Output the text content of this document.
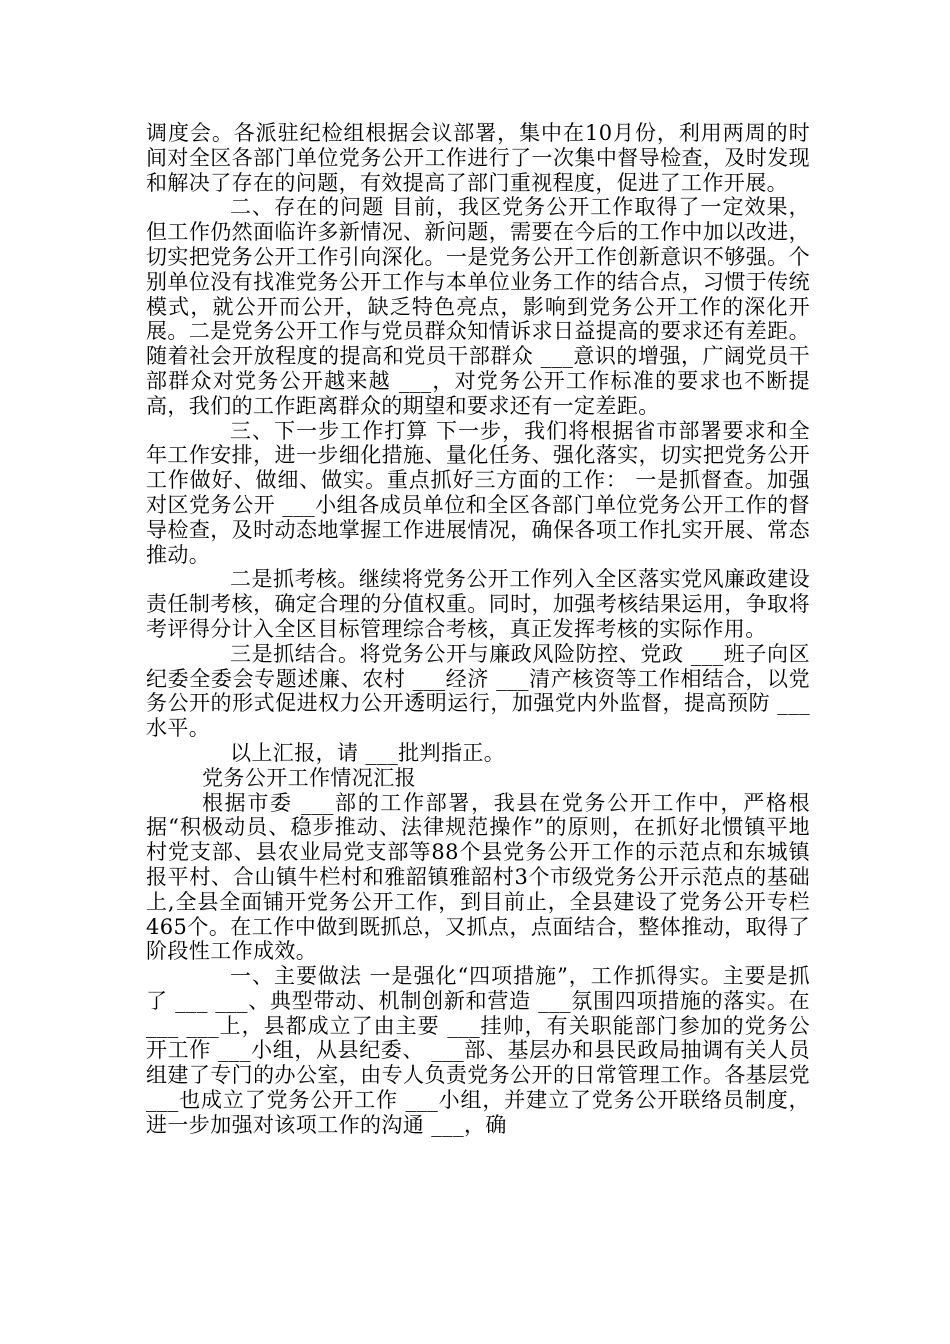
调度会。各派驻纪检组根据会议部署，集中在10月份，利用两周的时间对全区各部门单位党务公开工作进行了一次集中督导检查，及时发现和解决了存在的问题，有效提高了部门重视程度，促进了工作开展。

二、存在的问题 目前，我区党务公开工作取得了一定效果，但工作仍然面临许多新情况、新问题，需要在今后的工作中加以改进，切实把党务公开工作引向深化。一是党务公开工作创新意识不够强。个别单位没有找准党务公开工作与本单位业务工作的结合点，习惯于传统模式，就公开而公开，缺乏特色亮点，影响到党务公开工作的深化开展。二是党务公开工作与党员群众知情诉求日益提高的要求还有差距。随着社会开放程度的提高和党员干部群众 ___意识的增强，广阔党员干部群众对党务公开越来越 ___，对党务公开工作标准的要求也不断提高，我们的工作距离群众的期望和要求还有一定差距。

三、下一步工作打算 下一步，我们将根据省市部署要求和全年工作安排，进一步细化措施、量化任务、强化落实，切实把党务公开工作做好、做细、做实。重点抓好三方面的工作： 一是抓督查。加强对区党务公开 ___小组各成员单位和全区各部门单位党务公开工作的督导检查，及时动态地掌握工作进展情况，确保各项工作扎实开展、常态推动。

二是抓考核。继续将党务公开工作列入全区落实党风廉政建设责任制考核，确定合理的分值权重。同时，加强考核结果运用，争取将考评得分计入全区目标管理综合考核，真正发挥考核的实际作用。

三是抓结合。将党务公开与廉政风险防控、党政 ___班子向区纪委全委会专题述廉、农村 ___经济 ___清产核资等工作相结合，以党务公开的形式促进权力公开透明运行，加强党内外监督，提高预防 ___水平。

以上汇报，请 ___批判指正。

党务公开工作情况汇报

根据市委 ___部的工作部署，我县在党务公开工作中，严格根据“积极动员、稳步推动、法律规范操作”的原则，在抓好北惯镇平地村党支部、县农业局党支部等88个县党务公开工作的示范点和东城镇报平村、合山镇牛栏村和雅韶镇雅韶村3个市级党务公开示范点的基础上,全县全面铺开党务公开工作，到目前止，全县建设了党务公开专栏465个。在工作中做到既抓总，又抓点，点面结合，整体推动，取得了阶段性工作成效。

一、主要做法 一是强化“四项措施”，工作抓得实。主要是抓了 ___ ___、典型带动、机制创新和营造 ___氛围四项措施的落实。在 ___ ___上，县都成立了由主要 ___挂帅，有关职能部门参加的党务公开工作 ___小组，从县纪委、 ___部、基层办和县民政局抽调有关人员组建了专门的办公室，由专人负责党务公开的日常管理工作。各基层党 ___也成立了党务公开工作 ___小组，并建立了党务公开联络员制度，进一步加强对该项工作的沟通 ___，确
